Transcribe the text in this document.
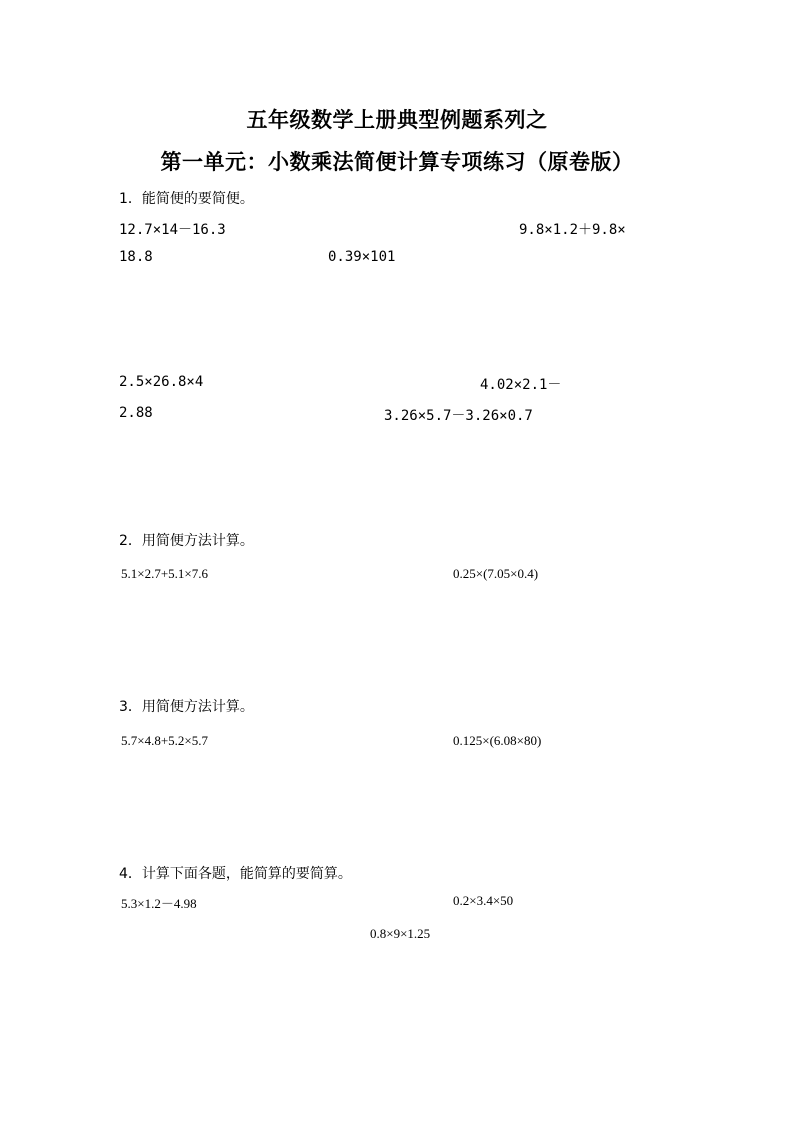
五年级数学上册典型例题系列之
第一单元：小数乘法简便计算专项练习（原卷版）
1．能简便的要简便。
12.7×14－16.3	9.8×1.2＋9.8×
18.8	0.39×101
2.5×26.8×4	4.02×2.1－
2.88	3.26×5.7－3.26×0.7
2．用简便方法计算。
5.1×2.7+5.1×7.6	0.25×(7.05×0.4)
3．用简便方法计算。
5.7×4.8+5.2×5.7	0.125×(6.08×80)
4．计算下面各题，能简算的要简算。
5.3×1.2－4.98	0.2×3.4×50
0.8×9×1.25
